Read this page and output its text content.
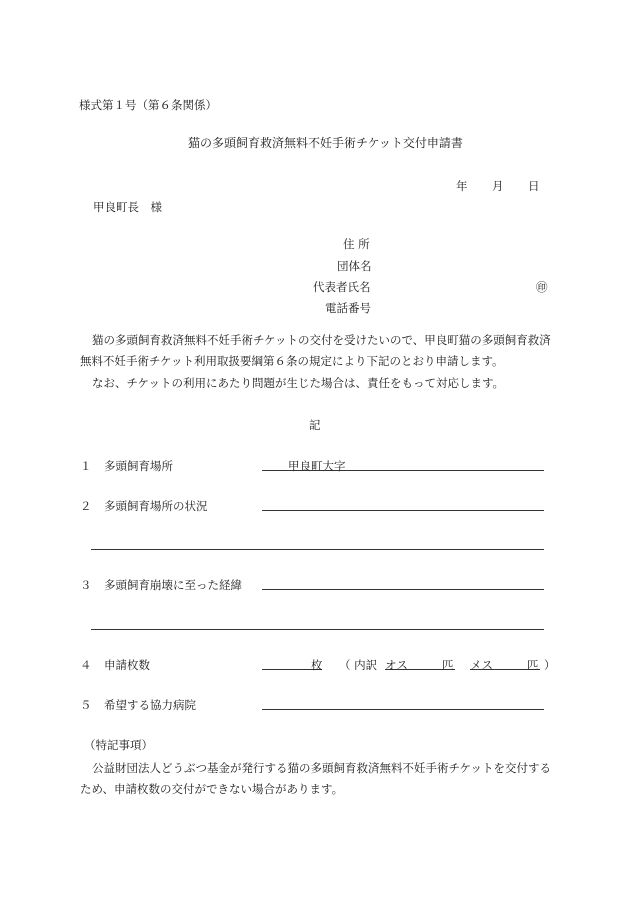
様式第１号（第６条関係）
猫の多頭飼育救済無料不妊手術チケット交付申請書
年 月 日
甲良町長　様
住 所
団体名
代表者氏名	㊞
電話番号
猫の多頭飼育救済無料不妊手術チケットの交付を受けたいので、甲良町猫の多頭飼育救済無料不妊手術チケット利用取扱要綱第６条の規定により下記のとおり申請します。
なお、チケットの利用にあたり問題が生じた場合は、責任をもって対応します。
記
１ 多頭飼育場所	甲良町大字
２ 多頭飼育場所の状況
３ 多頭飼育崩壊に至った経緯
４ 申請枚数	枚 （ 内訳 オス	匹 メス	匹 ）
５ 希望する協力病院
（特記事項）
公益財団法人どうぶつ基金が発行する猫の多頭飼育救済無料不妊手術チケットを交付するため、申請枚数の交付ができない場合があります。
